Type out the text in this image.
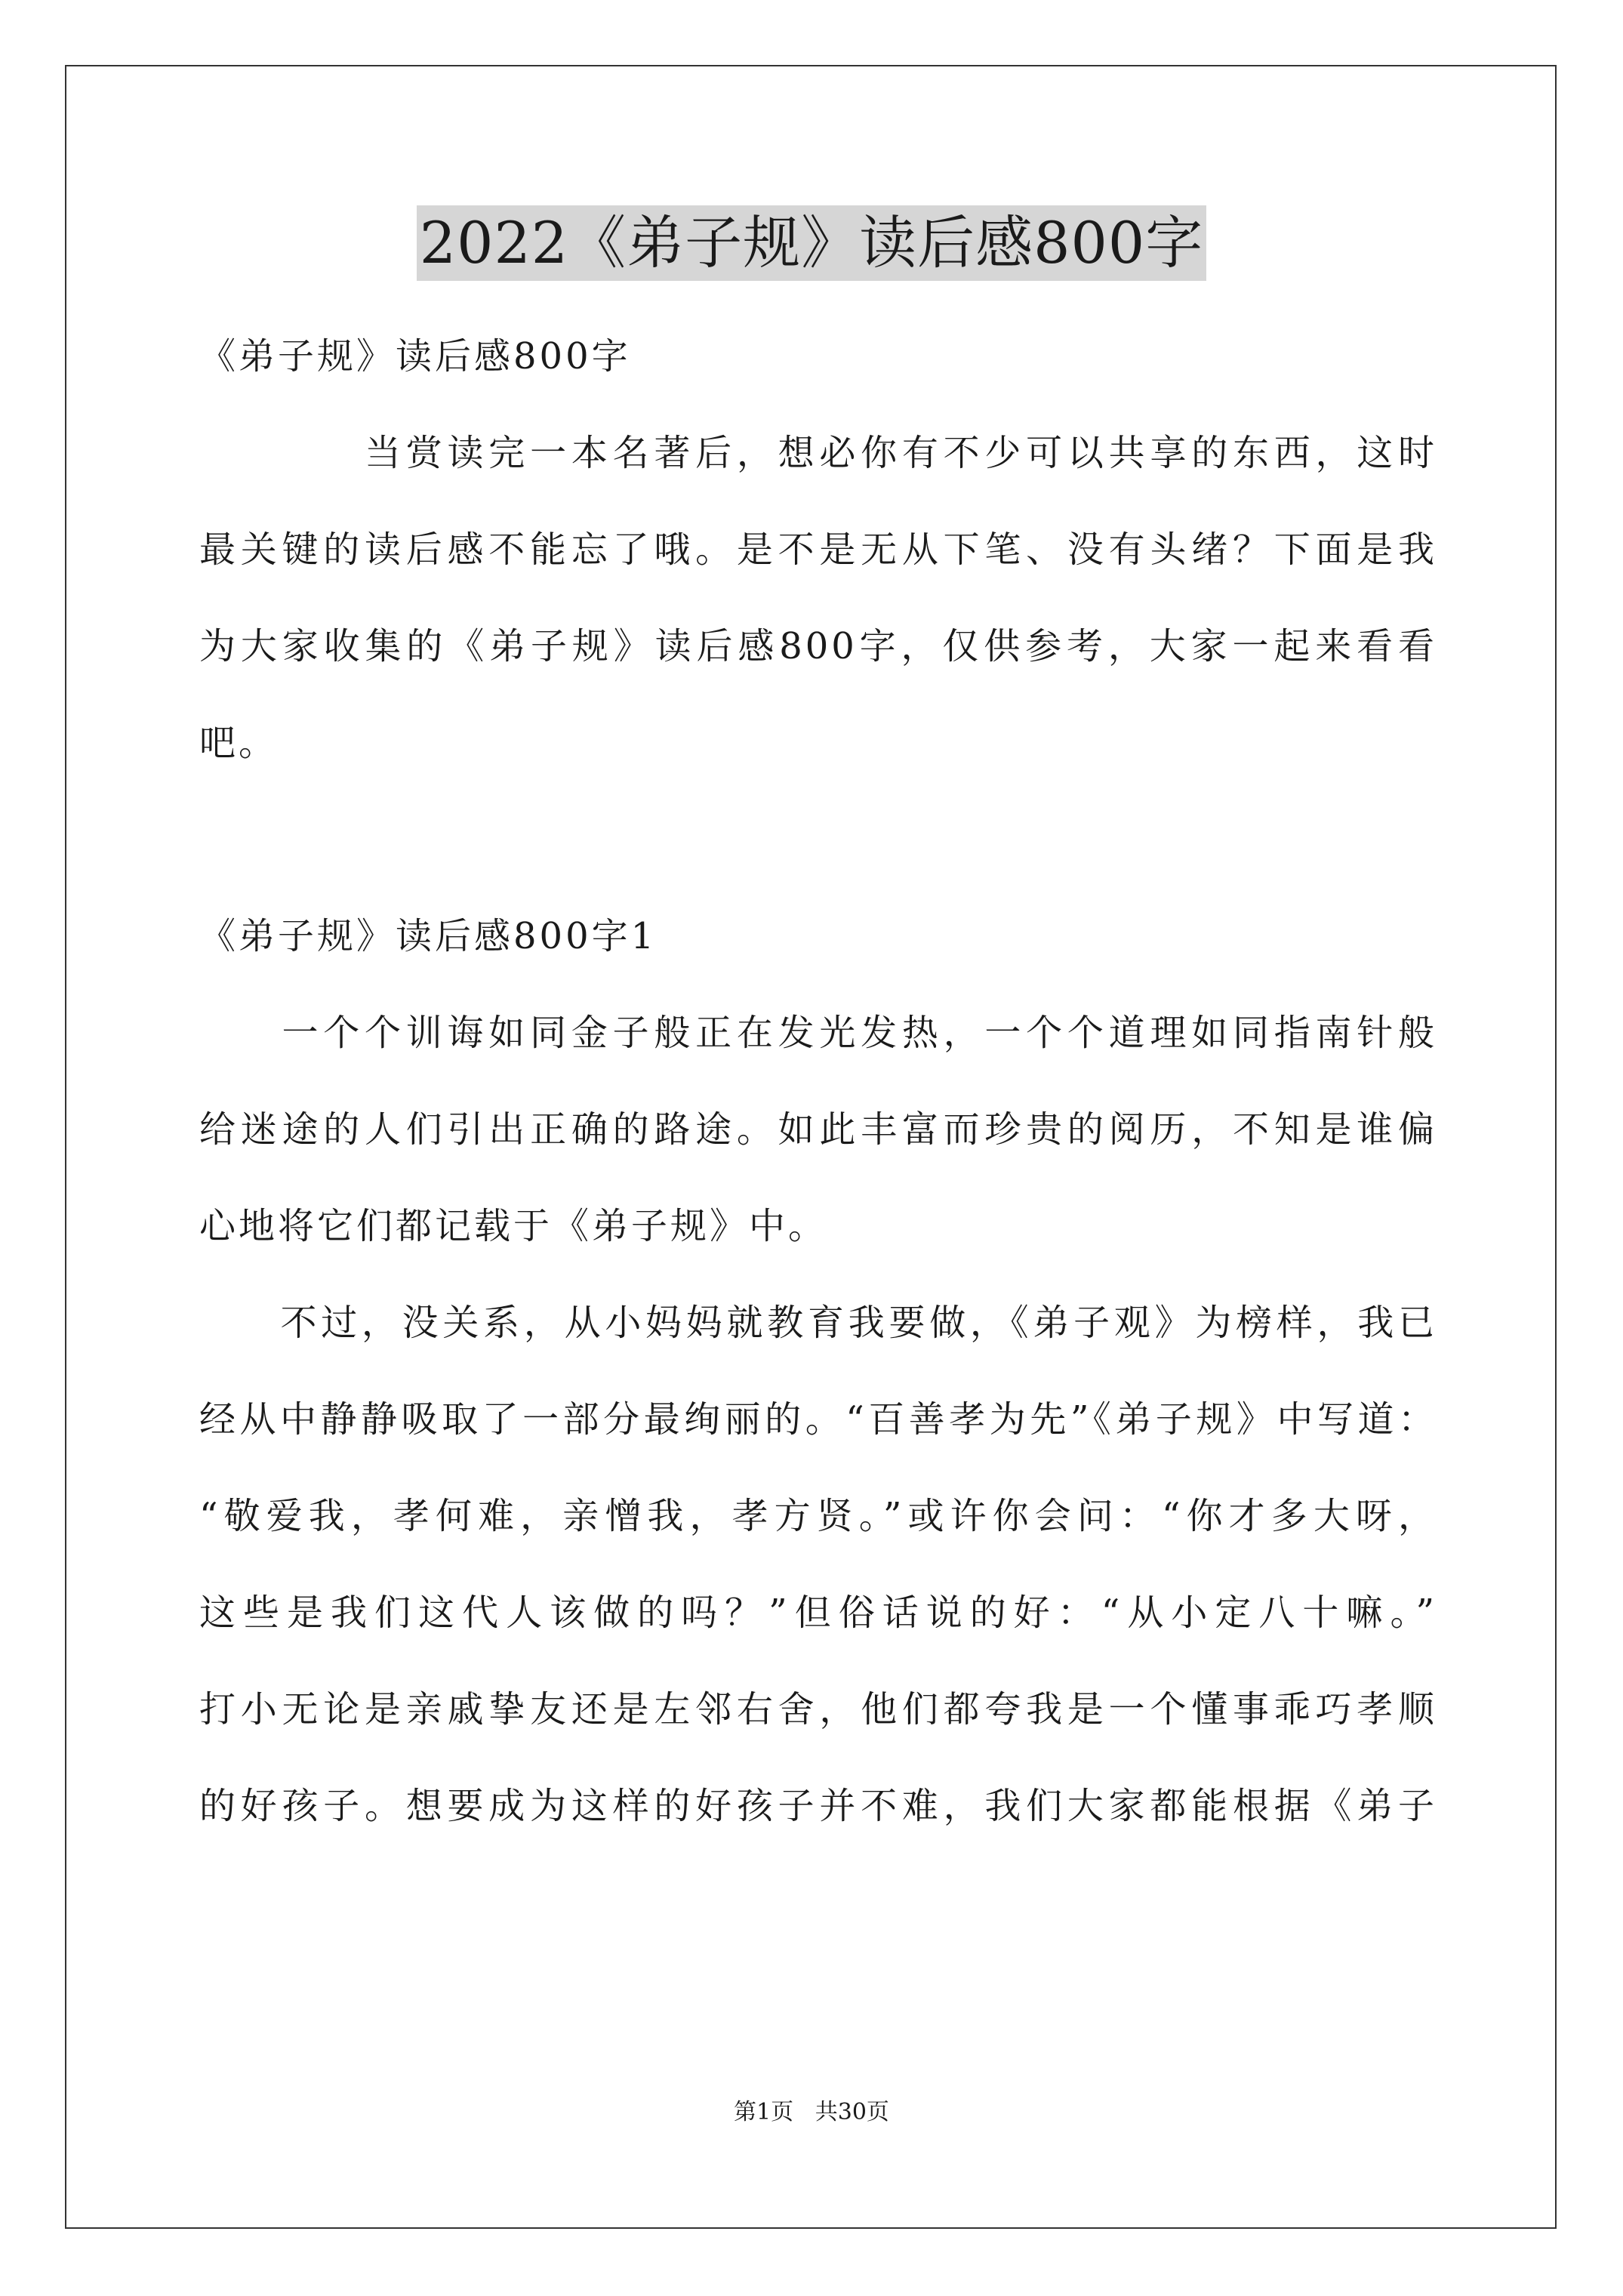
2022《弟子规》读后感800字
《弟子规》读后感800字
　　　　当赏读完一本名著后，想必你有不少可以共享的东西，这时
最关键的读后感不能忘了哦。是不是无从下笔、没有头绪？下面是我
为大家收集的《弟子规》读后感800字，仅供参考，大家一起来看看
吧。
《弟子规》读后感800字1
　　一个个训诲如同金子般正在发光发热，一个个道理如同指南针般
给迷途的人们引出正确的路途。如此丰富而珍贵的阅历，不知是谁偏
心地将它们都记载于《弟子规》中。
　　不过，没关系，从小妈妈就教育我要做，《弟子观》为榜样，我已
经从中静静吸取了一部分最绚丽的。“百善孝为先”《弟子规》中写道：
“敬爱我，孝何难，亲憎我，孝方贤。”或许你会问：“你才多大呀，
这些是我们这代人该做的吗？”但俗话说的好：“从小定八十嘛。”
打小无论是亲戚挚友还是左邻右舍，他们都夸我是一个懂事乖巧孝顺
的好孩子。想要成为这样的好孩子并不难，我们大家都能根据《弟子
第1页 共30页
